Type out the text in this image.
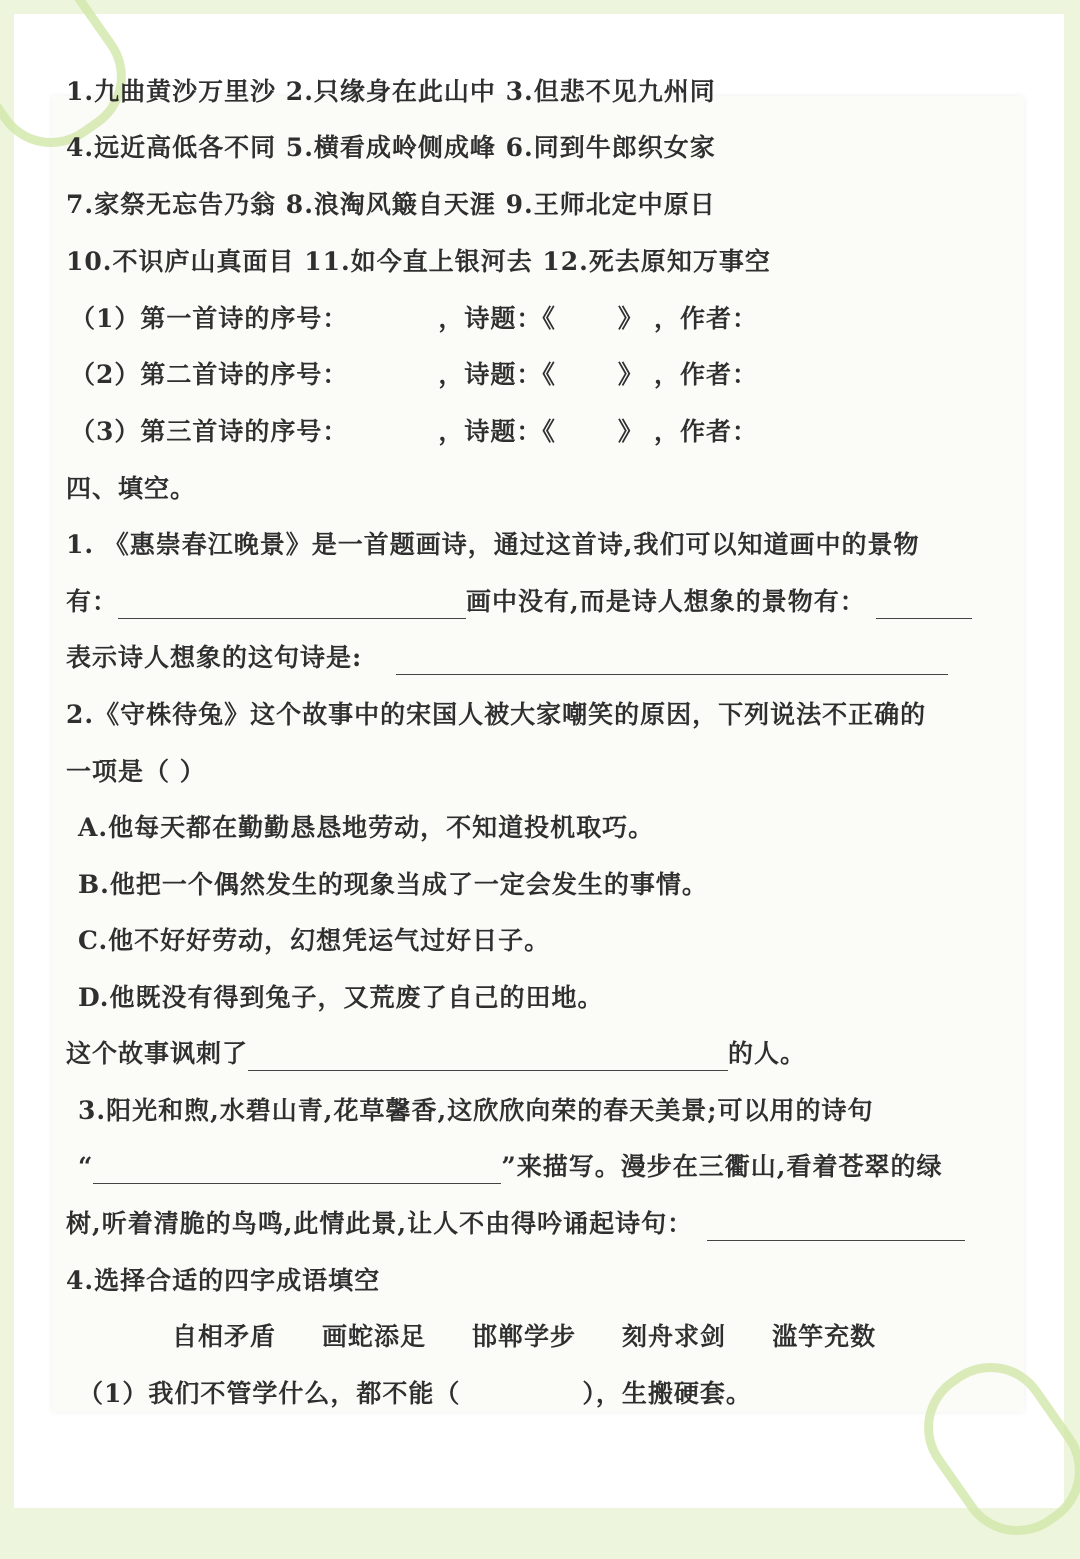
1.九曲黄沙万里沙 2.只缘身在此山中 3.但悲不见九州同
4.远近高低各不同 5.横看成岭侧成峰 6.同到牛郎织女家
7.家祭无忘告乃翁 8.浪淘风簸自天涯 9.王师北定中原日
10.不识庐山真面目 11.如今直上银河去 12.死去原知万事空
（1）第一首诗的序号：	，诗题：《 》 ，作者：
（2）第二首诗的序号：	，诗题：《 》 ，作者：
（3）第三首诗的序号：	，诗题：《 》 ，作者：
四、填空。
1. 《惠崇春江晚景》是一首题画诗，通过这首诗,我们可以知道画中的景物
有：	画中没有,而是诗人想象的景物有：
表示诗人想象的这句诗是:
2.《守株待兔》这个故事中的宋国人被大家嘲笑的原因，下列说法不正确的
一项是（ ）
A.他每天都在勤勤恳恳地劳动，不知道投机取巧。
B.他把一个偶然发生的现象当成了一定会发生的事情。
C.他不好好劳动，幻想凭运气过好日子。
D.他既没有得到兔子，又荒废了自己的田地。
这个故事讽刺了	的人。
3.阳光和煦,水碧山青,花草馨香,这欣欣向荣的春天美景;可以用的诗句
“	”来描写。漫步在三衢山,看着苍翠的绿
树,听着清脆的鸟鸣,此情此景,让人不由得吟诵起诗句：
4.选择合适的四字成语填空
自相矛盾 画蛇添足 邯郸学步 刻舟求剑 滥竽充数
（1）我们不管学什么，都不能（	），生搬硬套。
